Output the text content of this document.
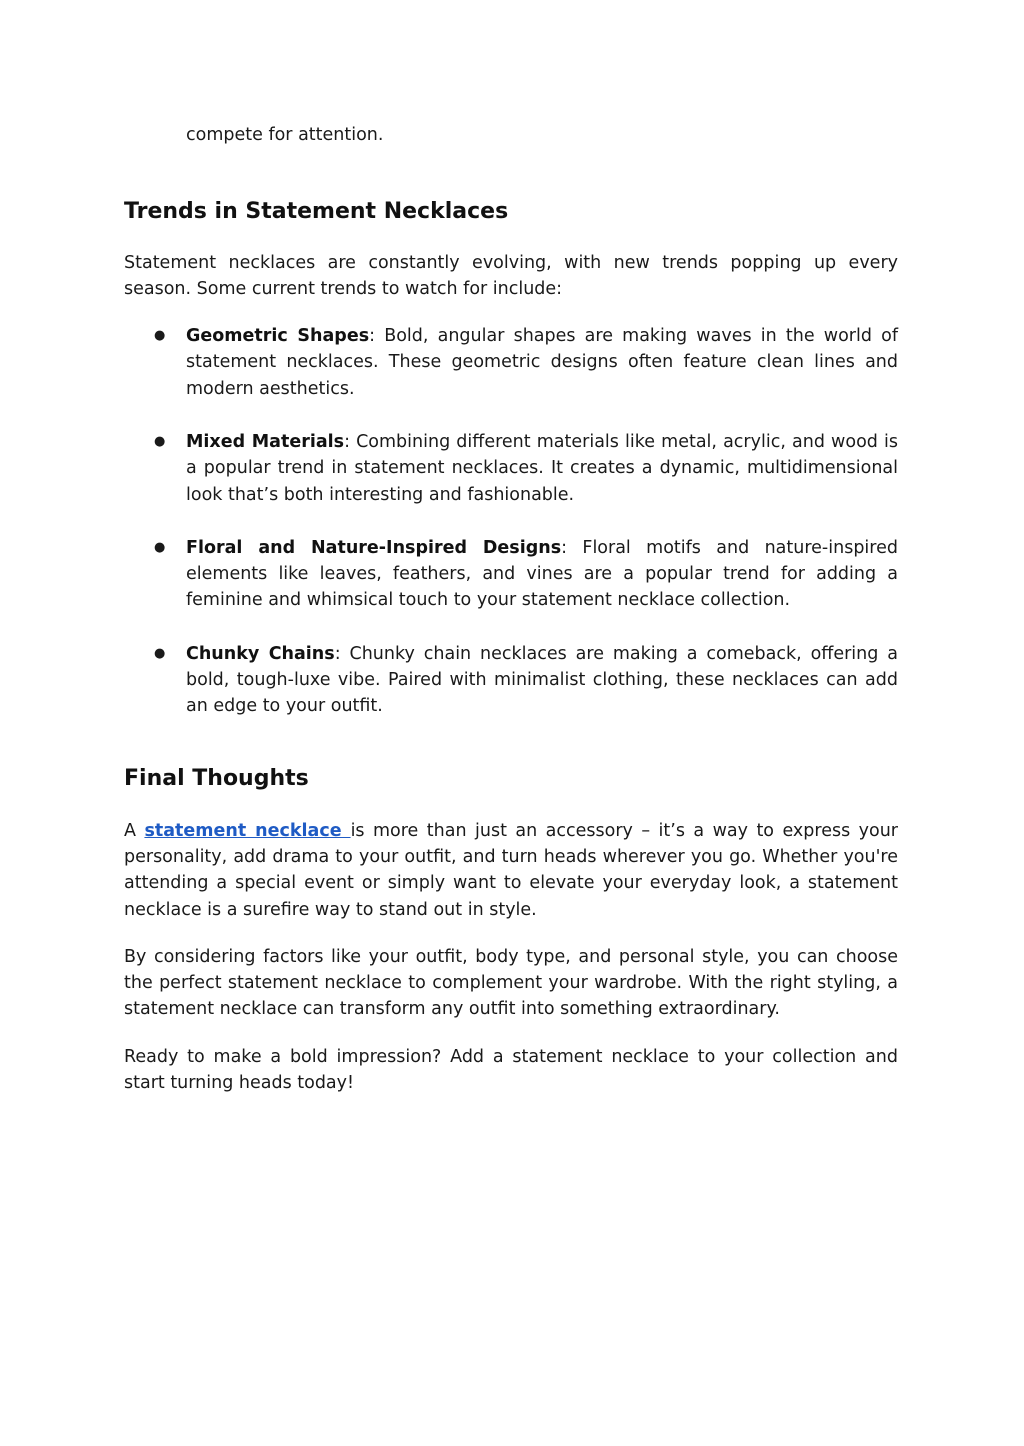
compete for attention.

Trends in Statement Necklaces

Statement necklaces are constantly evolving, with new trends popping up every season. Some current trends to watch for include:

● Geometric Shapes: Bold, angular shapes are making waves in the world of statement necklaces. These geometric designs often feature clean lines and modern aesthetics.
● Mixed Materials: Combining different materials like metal, acrylic, and wood is a popular trend in statement necklaces. It creates a dynamic, multidimensional look that’s both interesting and fashionable.
● Floral and Nature-Inspired Designs: Floral motifs and nature-inspired elements like leaves, feathers, and vines are a popular trend for adding a feminine and whimsical touch to your statement necklace collection.
● Chunky Chains: Chunky chain necklaces are making a comeback, offering a bold, tough-luxe vibe. Paired with minimalist clothing, these necklaces can add an edge to your outfit.
Final Thoughts

A statement necklace is more than just an accessory – it’s a way to express your personality, add drama to your outfit, and turn heads wherever you go. Whether you're attending a special event or simply want to elevate your everyday look, a statement necklace is a surefire way to stand out in style.

By considering factors like your outfit, body type, and personal style, you can choose the perfect statement necklace to complement your wardrobe. With the right styling, a statement necklace can transform any outfit into something extraordinary.

Ready to make a bold impression? Add a statement necklace to your collection and start turning heads today!
